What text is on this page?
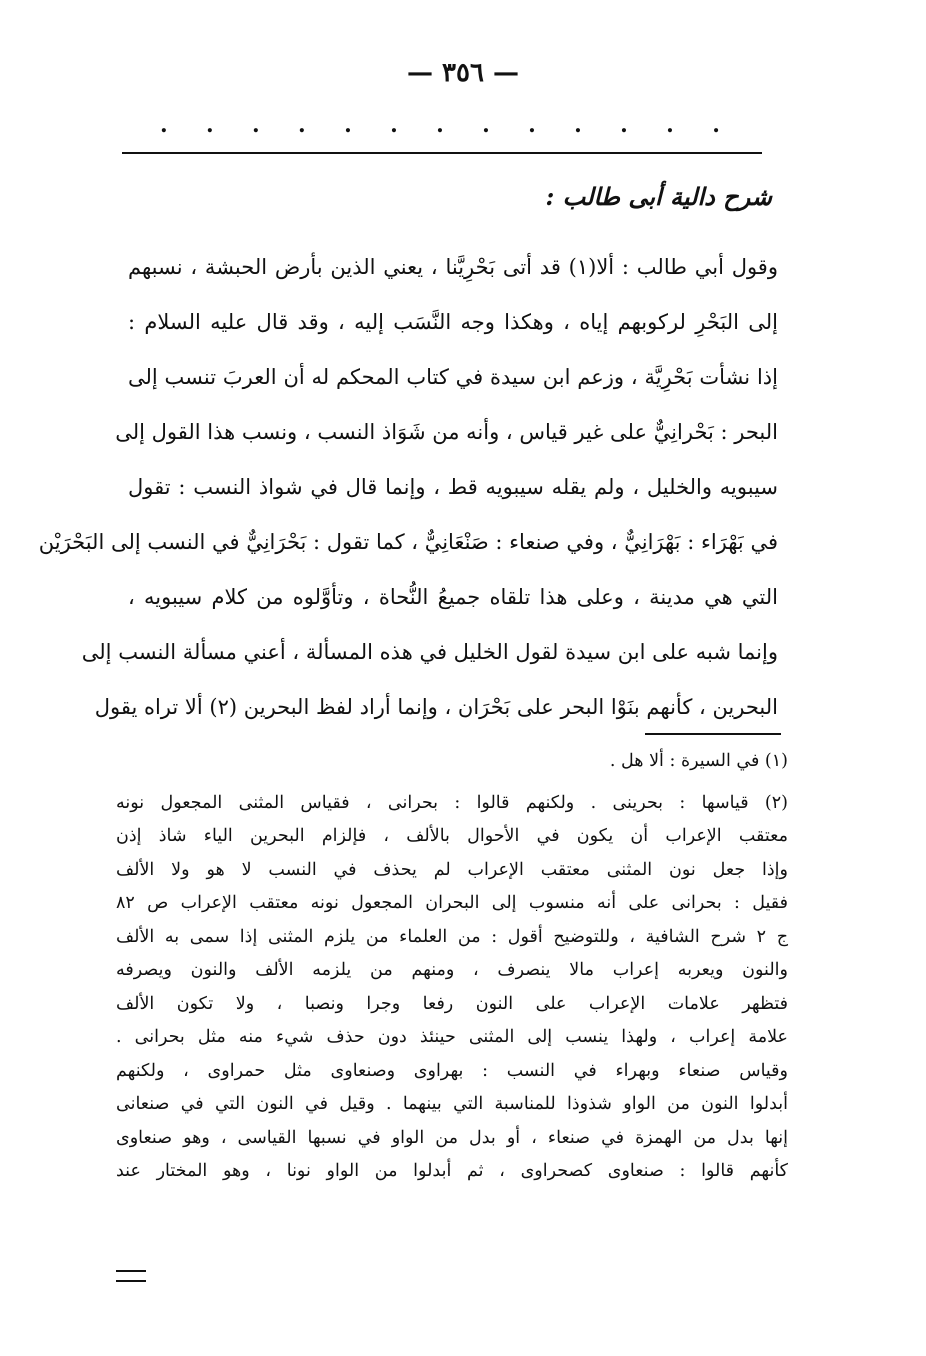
— ٣٥٦ —
. . . . . . . . . . . . .
شرح دالية أبى طالب :
وقول أبي طالب : ألا(١) قد أتى بَحْرِيَّنا ، يعني الذين بأرض الحبشة ، نسبهم
إلى البَحْرِ لركوبهم إياه ، وهكذا وجه النَّسَب إليه ، وقد قال عليه السلام :
إذا نشأت بَحْرِيَّة ، وزعم ابن سيدة في كتاب المحكم له أن العربَ تنسب إلى
البحر : بَحْرانِيٌّ على غير قياس ، وأنه من شَوَاذ النسب ، ونسب هذا القول إلى
سيبويه والخليل ، ولم يقله سيبويه قط ، وإنما قال في شواذ النسب : تقول
في بَهْرَاء : بَهْرَانِيٌّ ، وفي صنعاء : صَنْعَانِيٌّ ، كما تقول : بَحْرَانِيٌّ في النسب إلى البَحْرَيْن
التي هي مدينة ، وعلى هذا تلقاه جميعُ النُّحاة ، وتأوَّلوه من كلام سيبويه ،
وإنما شبه على ابن سيدة لقول الخليل في هذه المسألة ، أعني مسألة النسب إلى
البحرين ، كأنهم بنَوْا البحر على بَحْرَان ، وإنما أراد لفظ البحرين (٢) ألا تراه يقول
(١) في السيرة : ألا هل .
(٢) قياسها : بحرينى . ولكنهم قالوا : بحرانى ، فقياس المثنى المجعول نونه
معتقب الإعراب أن يكون في الأحوال بالألف ، فإلزام البحرين الياء شاذ إذن
وإذا جعل نون المثنى معتقب الإعراب لم يحذف في النسب لا هو ولا الألف
فقيل : بحرانى على أنه منسوب إلى البحران المجعول نونه معتقب الإعراب ص ٨٢
ج ٢ شرح الشافية ، وللتوضيح أقول : من العلماء من يلزم المثنى إذا سمى به الألف
والنون ويعربه إعراب مالا ينصرف ، ومنهم من يلزمه الألف والنون ويصرفه
فتظهر علامات الإعراب على النون رفعا وجرا ونصبا ، ولا تكون الألف
علامة إعراب ، ولهذا ينسب إلى المثنى حينئذ دون حذف شيء منه مثل بحرانى .
وقياس صنعاء وبهراء في النسب : بهراوى وصنعاوى مثل حمراوى ، ولكنهم
أبدلوا النون من الواو شذوذا للمناسبة التي بينهما . وقيل في النون التي في صنعانى
إنها بدل من الهمزة في صنعاء ، أو بدل من الواو في نسبها القياسى ، وهو صنعاوى
كأنهم قالوا : صنعاوى كصحراوى ، ثم أبدلوا من الواو نونا ، وهو المختار عند
